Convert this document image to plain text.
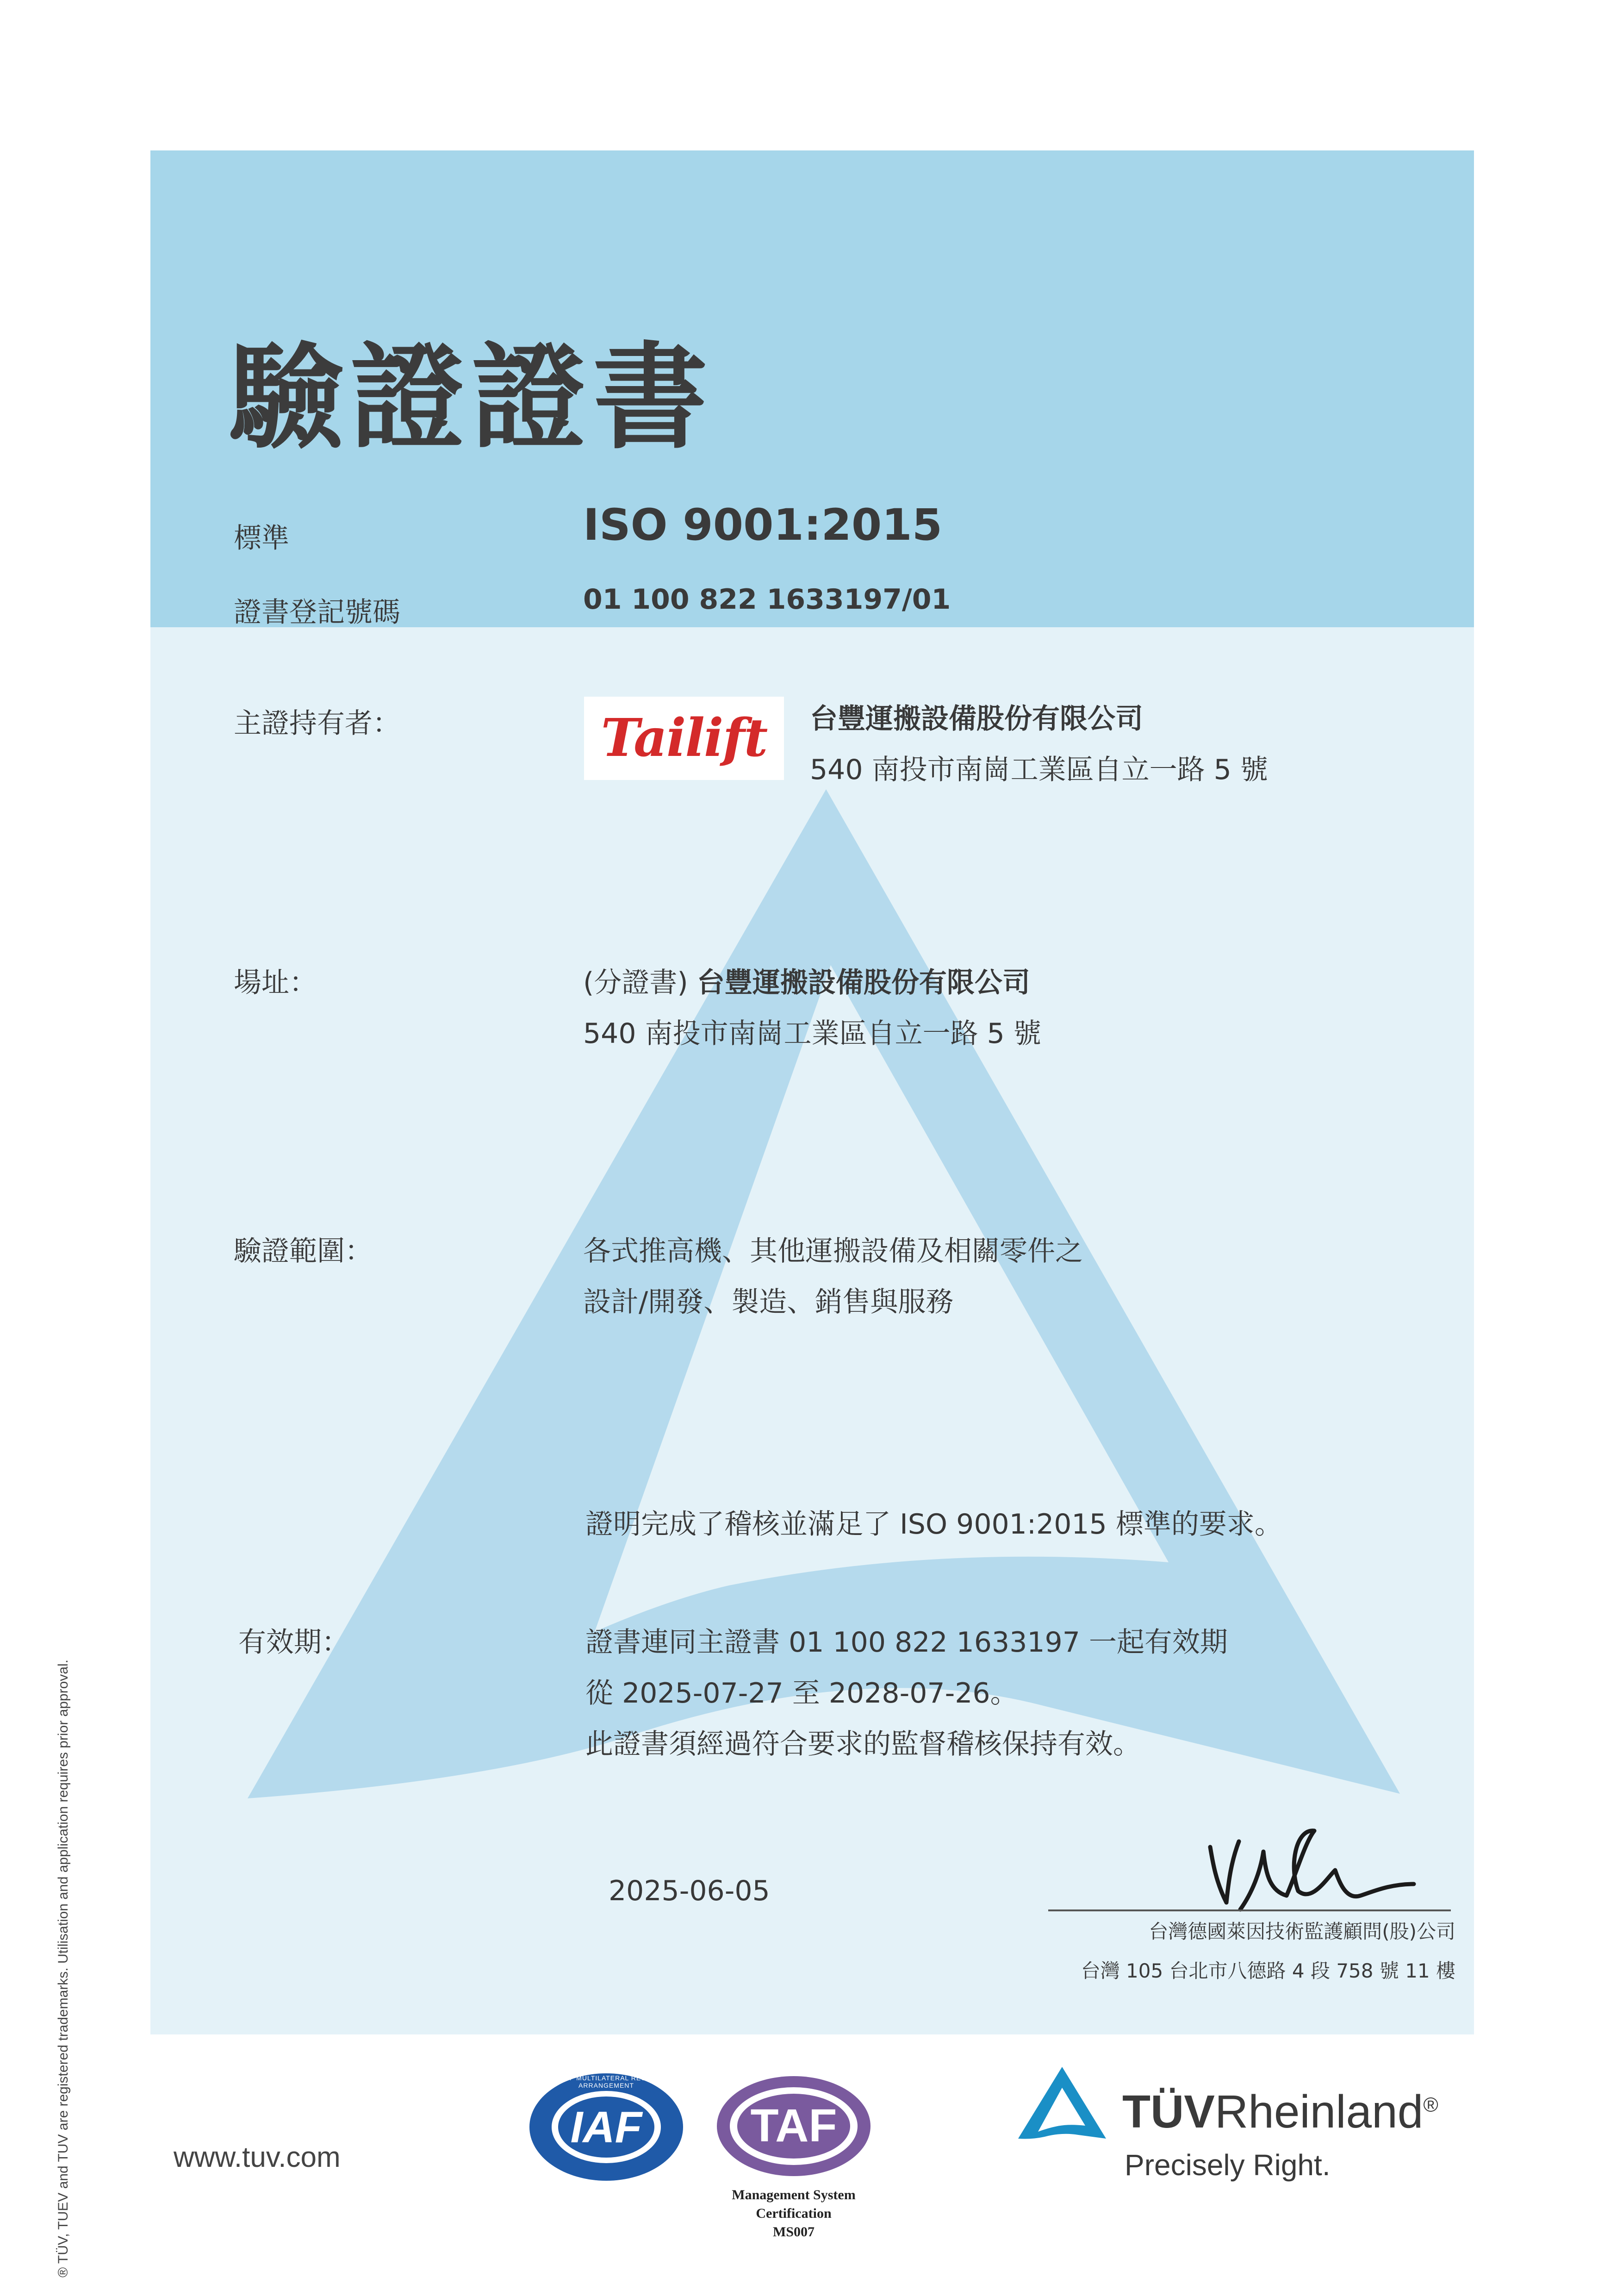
® TÜV, TUEV and TUV are registered trademarks. Utilisation and application requires prior approval.
驗證證書
標準	ISO 9001:2015
證書登記號碼	01 100 822 1633197/01
主證持有者：	台豐運搬設備股份有限公司
540 南投市南崗工業區自立一路 5 號
場址：	(分證書) 台豐運搬設備股份有限公司
540 南投市南崗工業區自立一路 5 號
驗證範圍：	各式推高機、其他運搬設備及相關零件之
設計/開發、製造、銷售與服務
證明完成了稽核並滿足了 ISO 9001:2015 標準的要求。
有效期：	證書連同主證書 01 100 822 1633197 一起有效期
從 2025-07-27 至 2028-07-26。
此證書須經過符合要求的監督稽核保持有效。
2025-06-05
台灣德國萊因技術監護顧問(股)公司
台灣 105 台北市八德路 4 段 758 號 11 樓
Tailift
www.tuv.com
IAF
MEMBER OF MULTILATERAL RECOGNITION ARRANGEMENT
TAF
Management System
Certification
MS007
TÜVRheinland®
Precisely Right.
